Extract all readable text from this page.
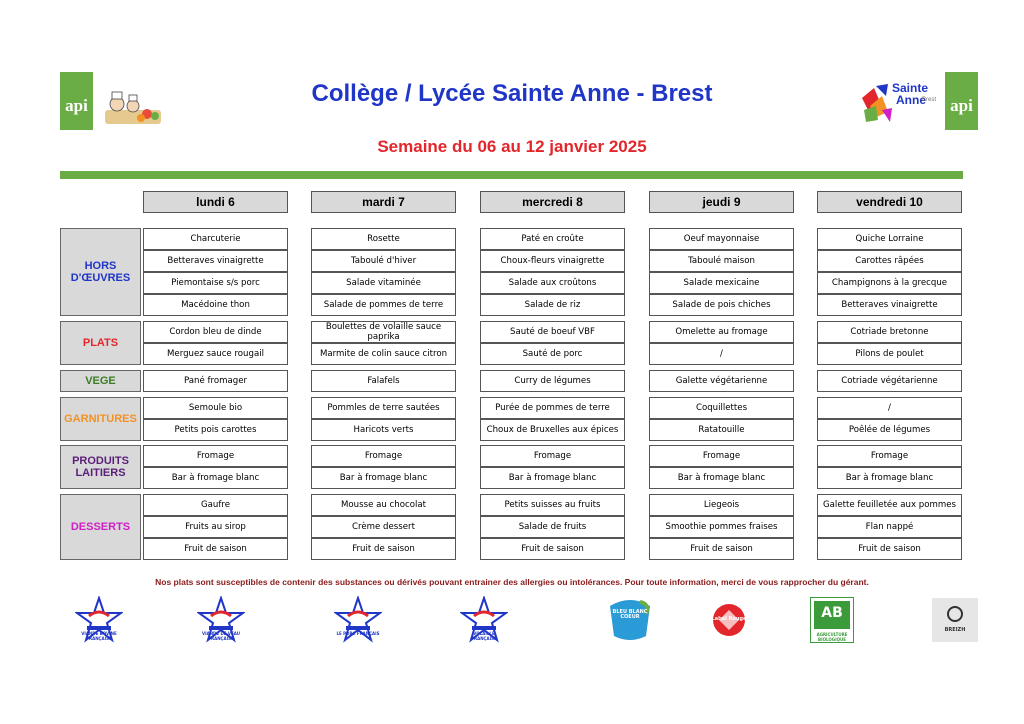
api
Sainte
Anne
Brest api
Collège / Lycée Sainte Anne - Brest
Semaine du 06 au 12 janvier 2025
lundi 6	mardi 7	mercredi 8	jeudi 9	vendredi 10
HORS D'ŒUVRES
Charcuterie	Rosette	Paté en croûte	Oeuf mayonnaise	Quiche Lorraine
Betteraves vinaigrette	Taboulé d'hiver	Choux-fleurs vinaigrette	Taboulé maison	Carottes râpées
Piemontaise s/s porc	Salade vitaminée	Salade aux croûtons	Salade mexicaine	Champignons à la grecque
Macédoine thon	Salade de pommes de terre	Salade de riz	Salade de pois chiches	Betteraves vinaigrette
PLATS
Cordon bleu de dinde	Boulettes de volaille sauce paprika	Sauté de boeuf VBF	Omelette au fromage	Cotriade bretonne
Merguez sauce rougail	Marmite de colin sauce citron	Sauté de porc	/	Pilons de poulet
VEGE	Pané fromager	Falafels	Curry de légumes	Galette végétarienne	Cotriade végétarienne
GARNITURES
Semoule bio	Pommles de terre sautées	Purée de pommes de terre	Coquillettes	/
Petits pois carottes	Haricots verts	Choux de Bruxelles aux épices	Ratatouille	Poêlée de légumes
PRODUITS LAITIERS
Fromage	Fromage	Fromage	Fromage	Fromage
Bar à fromage blanc	Bar à fromage blanc	Bar à fromage blanc	Bar à fromage blanc	Bar à fromage blanc
DESSERTS
Gaufre	Mousse au chocolat	Petits suisses au fruits	Liegeois	Galette feuilletée aux pommes
Fruits au sirop	Crème dessert	Salade de fruits	Smoothie pommes fraises	Flan nappé
Fruit de saison	Fruit de saison	Fruit de saison	Fruit de saison	Fruit de saison
Nos plats sont susceptibles de contenir des substances ou dérivés pouvant entrainer des allergies ou intolérances. Pour toute information, merci de vous rapprocher du gérant.
VIANDE BOVINE FRANÇAISE
VIANDE DE VEAU FRANÇAISE
LE PORC FRANÇAIS	VOLAILLE FRANÇAISE
BLEU BLANC COEUR	Label Rouge	AB
AGRICULTURE BIOLOGIQUE
BREIZH
